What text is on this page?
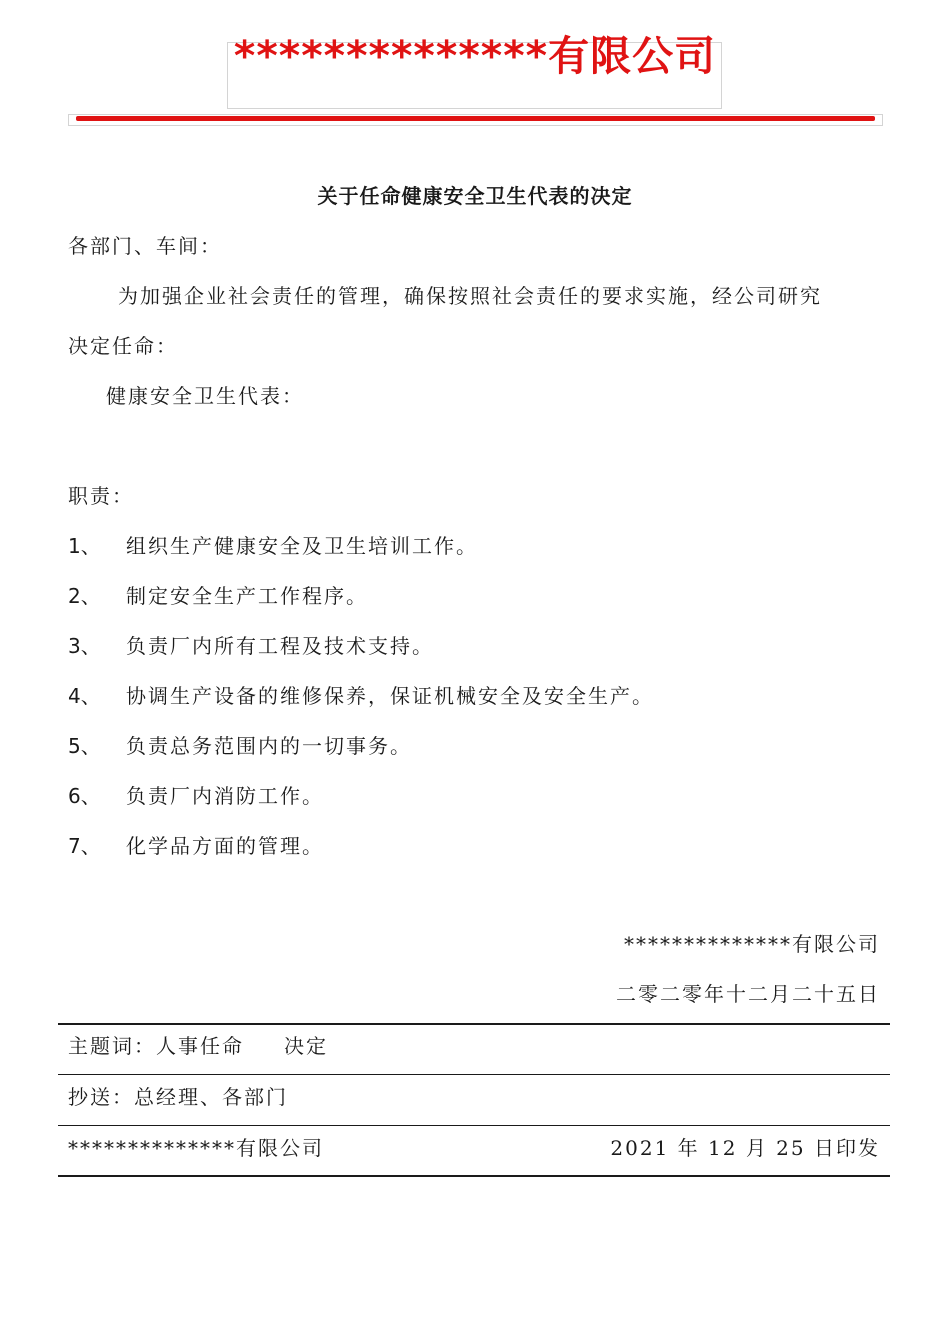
**************有限公司
关于任命健康安全卫生代表的决定
各部门、车间：
为加强企业社会责任的管理，确保按照社会责任的要求实施，经公司研究
决定任命：
健康安全卫生代表：
职责：
1、 组织生产健康安全及卫生培训工作。
2、 制定安全生产工作程序。
3、 负责厂内所有工程及技术支持。
4、 协调生产设备的维修保养，保证机械安全及安全生产。
5、 负责总务范围内的一切事务。
6、 负责厂内消防工作。
7、 化学品方面的管理。
**************有限公司
二零二零年十二月二十五日
主题词：人事任命 决定
抄送：总经理、各部门
**************有限公司	2021 年 12 月 25 日印发
